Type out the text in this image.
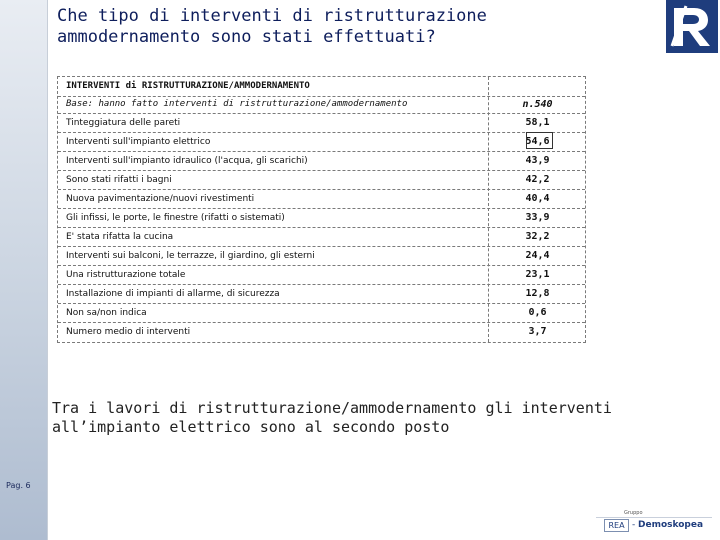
Pag. 6
Che tipo di interventi di ristrutturazione
ammodernamento sono stati effettuati?
INTERVENTI di RISTRUTTURAZIONE/AMMODERNAMENTO
Base: hanno fatto interventi di ristrutturazione/ammodernamento	n.540
Tinteggiatura delle pareti	58,1
Interventi sull'impianto elettrico	54,6
Interventi sull'impianto idraulico (l'acqua, gli scarichi)	43,9
Sono stati rifatti i bagni	42,2
Nuova pavimentazione/nuovi rivestimenti	40,4
Gli infissi, le porte, le finestre (rifatti o sistemati)	33,9
E' stata rifatta la cucina	32,2
Interventi sui balconi, le terrazze, il giardino, gli esterni	24,4
Una ristrutturazione totale	23,1
Installazione di impianti di allarme, di sicurezza	12,8
Non sa/non indica	0,6
Numero medio di interventi	3,7
Tra i lavori di ristrutturazione/ammodernamento gli interventi
all’impianto elettrico sono al secondo posto
Gruppo
REA - Demoskopea
